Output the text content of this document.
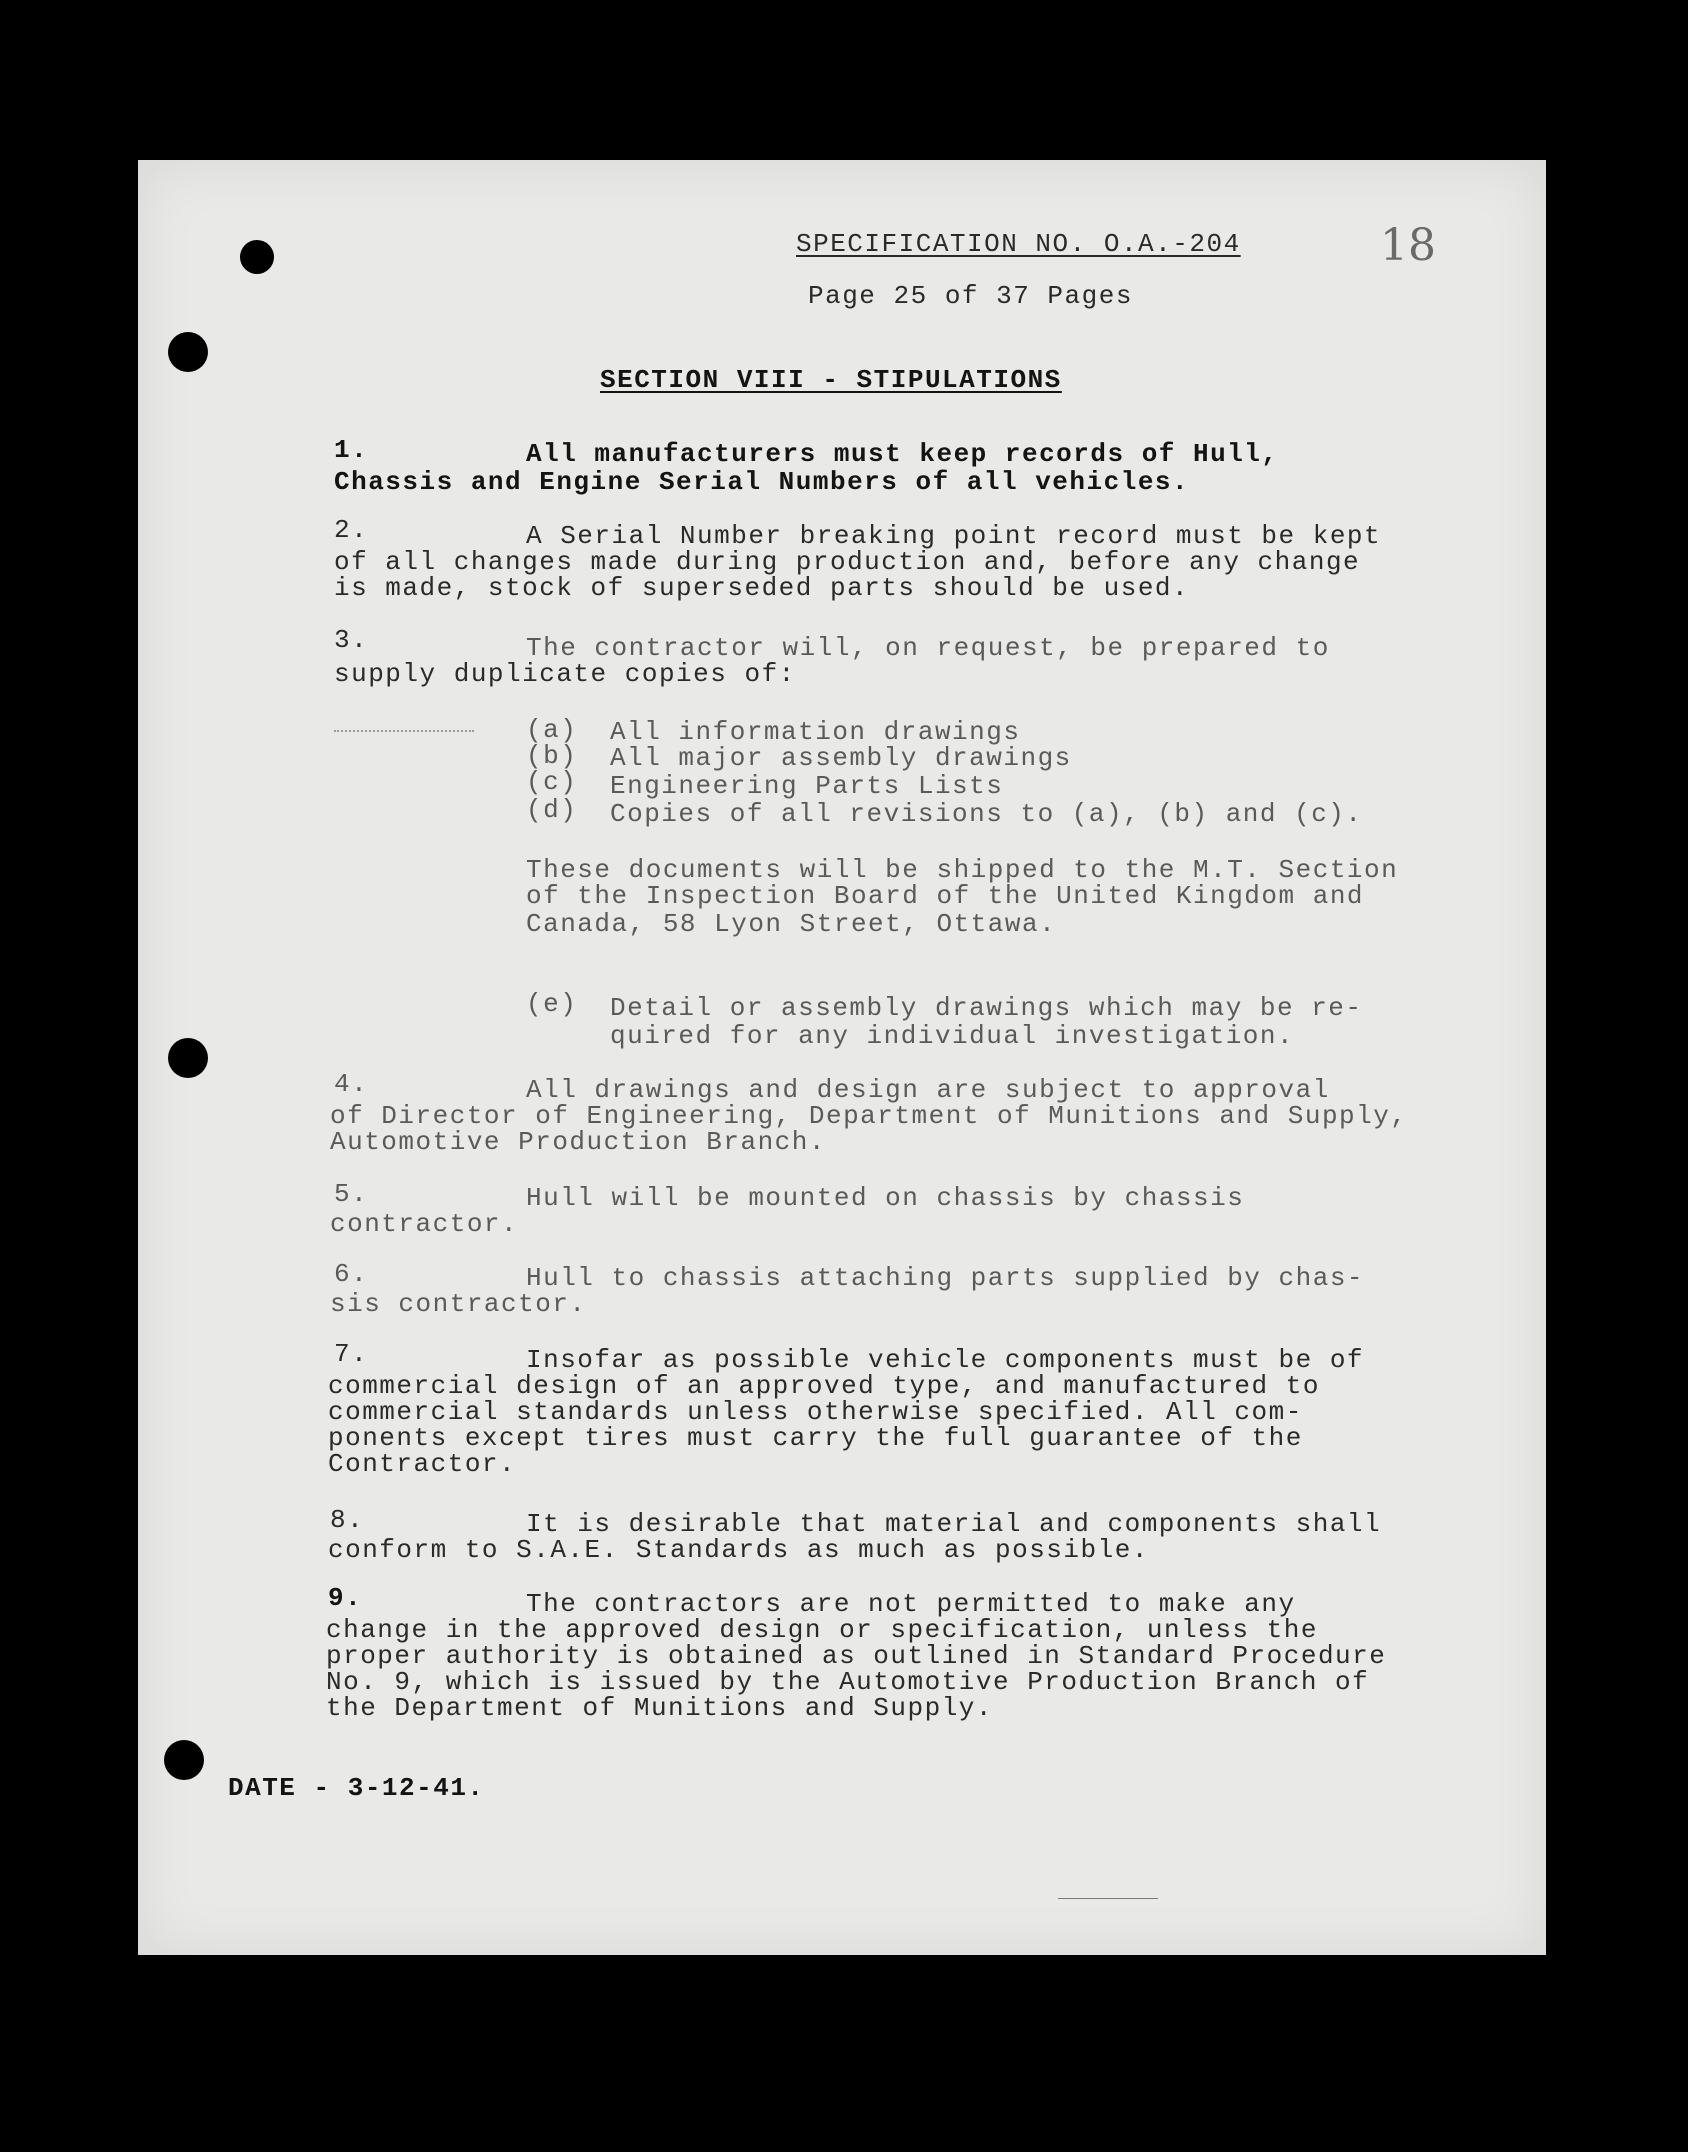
SPECIFICATION NO. O.A.-204	18
Page 25 of 37 Pages
SECTION VIII - STIPULATIONS
1.	All manufacturers must keep records of Hull,
Chassis and Engine Serial Numbers of all vehicles.
2.	A Serial Number breaking point record must be kept
of all changes made during production and, before any change
is made, stock of superseded parts should be used.
3.	The contractor will, on request, be prepared to
supply duplicate copies of:
(a) All information drawings
(b) All major assembly drawings
(c) Engineering Parts Lists
(d) Copies of all revisions to (a), (b) and (c).
These documents will be shipped to the M.T. Section
of the Inspection Board of the United Kingdom and
Canada, 58 Lyon Street, Ottawa.
(e) Detail or assembly drawings which may be re-
quired for any individual investigation.
4.	All drawings and design are subject to approval
of Director of Engineering, Department of Munitions and Supply,
Automotive Production Branch.
5.	Hull will be mounted on chassis by chassis
contractor.
6.	Hull to chassis attaching parts supplied by chas-
sis contractor.
7.	Insofar as possible vehicle components must be of
commercial design of an approved type, and manufactured to
commercial standards unless otherwise specified. All com-
ponents except tires must carry the full guarantee of the
Contractor.
8.	It is desirable that material and components shall
conform to S.A.E. Standards as much as possible.
9.	The contractors are not permitted to make any
change in the approved design or specification, unless the
proper authority is obtained as outlined in Standard Procedure
No. 9, which is issued by the Automotive Production Branch of
the Department of Munitions and Supply.
DATE - 3-12-41.
